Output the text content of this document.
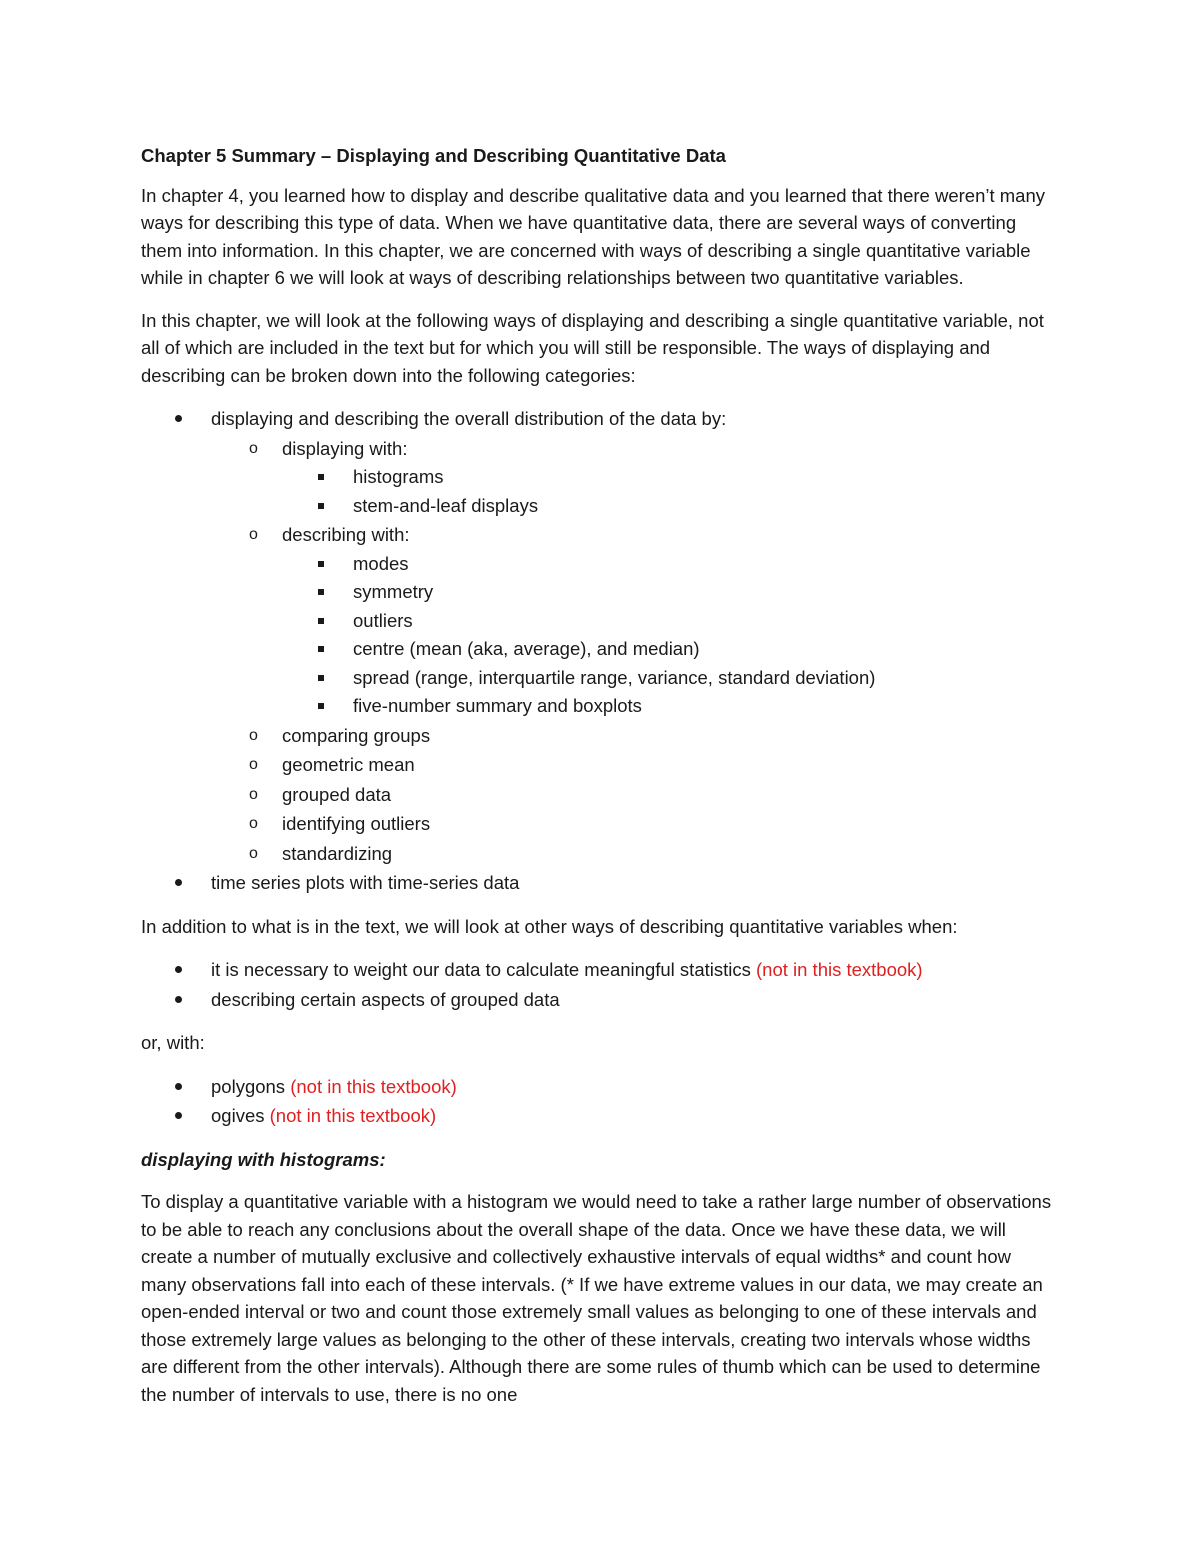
Chapter 5 Summary – Displaying and Describing Quantitative Data

In chapter 4, you learned how to display and describe qualitative data and you learned that there weren’t many ways for describing this type of data. When we have quantitative data, there are several ways of converting them into information. In this chapter, we are concerned with ways of describing a single quantitative variable while in chapter 6 we will look at ways of describing relationships between two quantitative variables.

In this chapter, we will look at the following ways of displaying and describing a single quantitative variable, not all of which are included in the text but for which you will still be responsible. The ways of displaying and describing can be broken down into the following categories:

displaying and describing the overall distribution of the data by:
o displaying with:
histograms
stem-and-leaf displays
o describing with:
modes
symmetry
outliers
centre (mean (aka, average), and median)
spread (range, interquartile range, variance, standard deviation)
five-number summary and boxplots
o comparing groups
o geometric mean
o grouped data
o identifying outliers
o standardizing
time series plots with time-series data

In addition to what is in the text, we will look at other ways of describing quantitative variables when:

it is necessary to weight our data to calculate meaningful statistics (not in this textbook)
describing certain aspects of grouped data

or, with:

polygons (not in this textbook)
ogives (not in this textbook)

displaying with histograms:

To display a quantitative variable with a histogram we would need to take a rather large number of observations to be able to reach any conclusions about the overall shape of the data. Once we have these data, we will create a number of mutually exclusive and collectively exhaustive intervals of equal widths* and count how many observations fall into each of these intervals. (* If we have extreme values in our data, we may create an open-ended interval or two and count those extremely small values as belonging to one of these intervals and those extremely large values as belonging to the other of these intervals, creating two intervals whose widths are different from the other intervals). Although there are some rules of thumb which can be used to determine the number of intervals to use, there is no one
